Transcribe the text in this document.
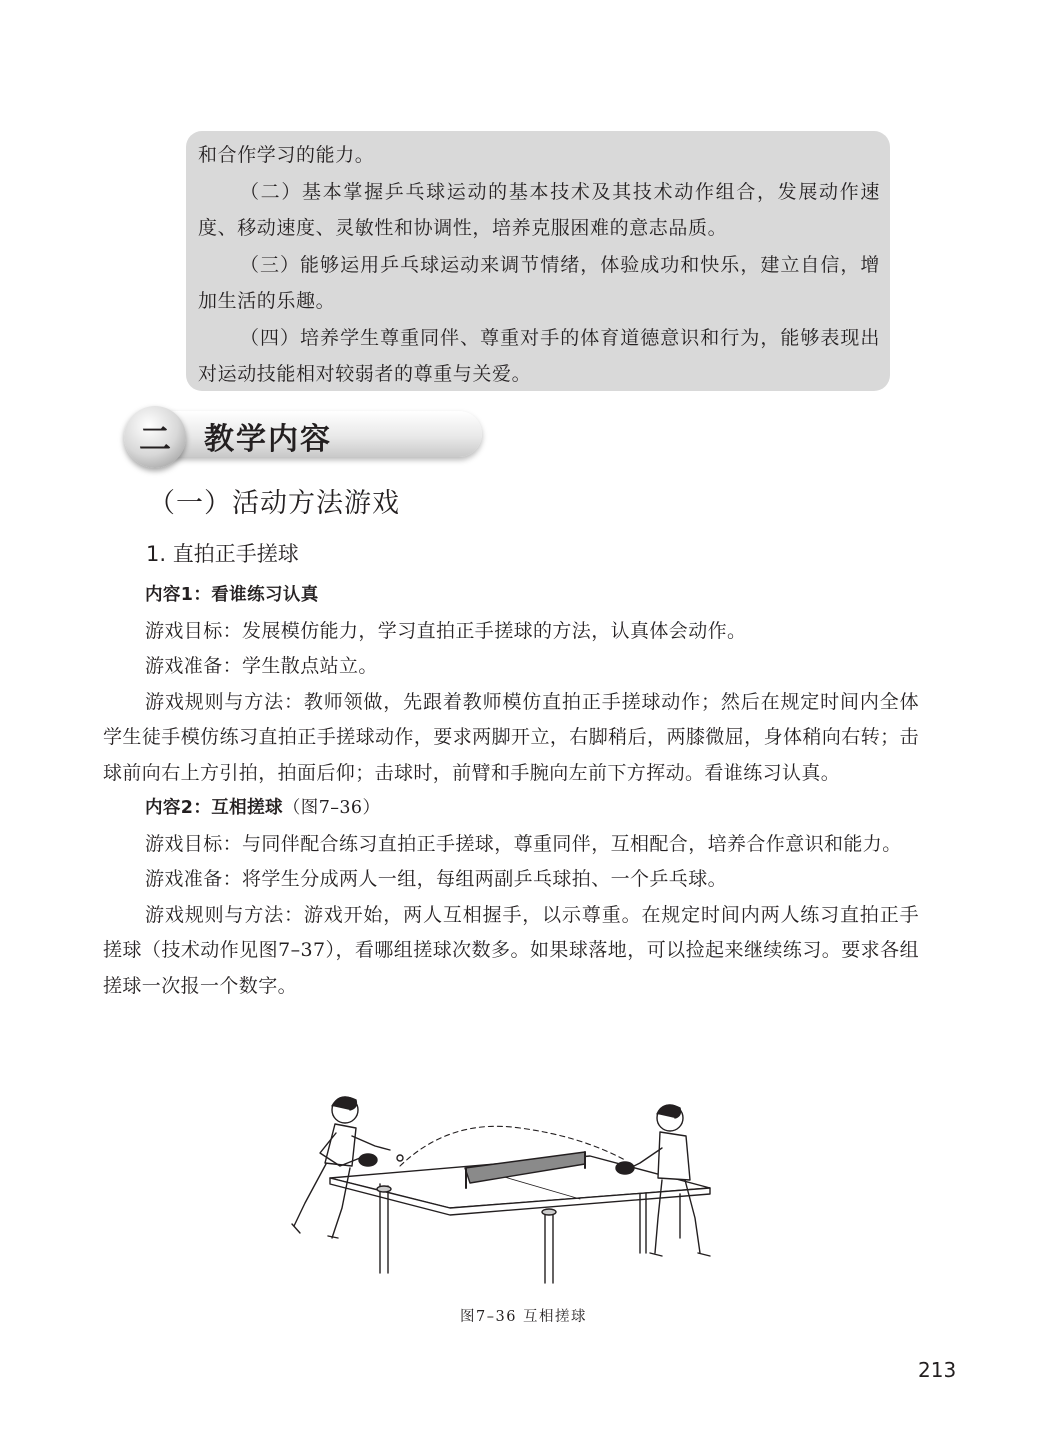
和合作学习的能力。

（二）基本掌握乒乓球运动的基本技术及其技术动作组合，发展动作速度、移动速度、灵敏性和协调性，培养克服困难的意志品质。

（三）能够运用乒乓球运动来调节情绪，体验成功和快乐，建立自信，增加生活的乐趣。

（四）培养学生尊重同伴、尊重对手的体育道德意识和行为，能够表现出对运动技能相对较弱者的尊重与关爱。

二	教学内容
（一）活动方法游戏
1. 直拍正手搓球

内容1：看谁练习认真

游戏目标：发展模仿能力，学习直拍正手搓球的方法，认真体会动作。

游戏准备：学生散点站立。

游戏规则与方法：教师领做，先跟着教师模仿直拍正手搓球动作；然后在规定时间内全体学生徒手模仿练习直拍正手搓球动作，要求两脚开立，右脚稍后，两膝微屈，身体稍向右转；击球前向右上方引拍，拍面后仰；击球时，前臂和手腕向左前下方挥动。看谁练习认真。

内容2：互相搓球（图7–36）

游戏目标：与同伴配合练习直拍正手搓球，尊重同伴，互相配合，培养合作意识和能力。

游戏准备：将学生分成两人一组，每组两副乒乓球拍、一个乒乓球。

游戏规则与方法：游戏开始，两人互相握手，以示尊重。在规定时间内两人练习直拍正手搓球（技术动作见图7–37），看哪组搓球次数多。如果球落地，可以捡起来继续练习。要求各组搓球一次报一个数字。

图7–36 互相搓球
213
